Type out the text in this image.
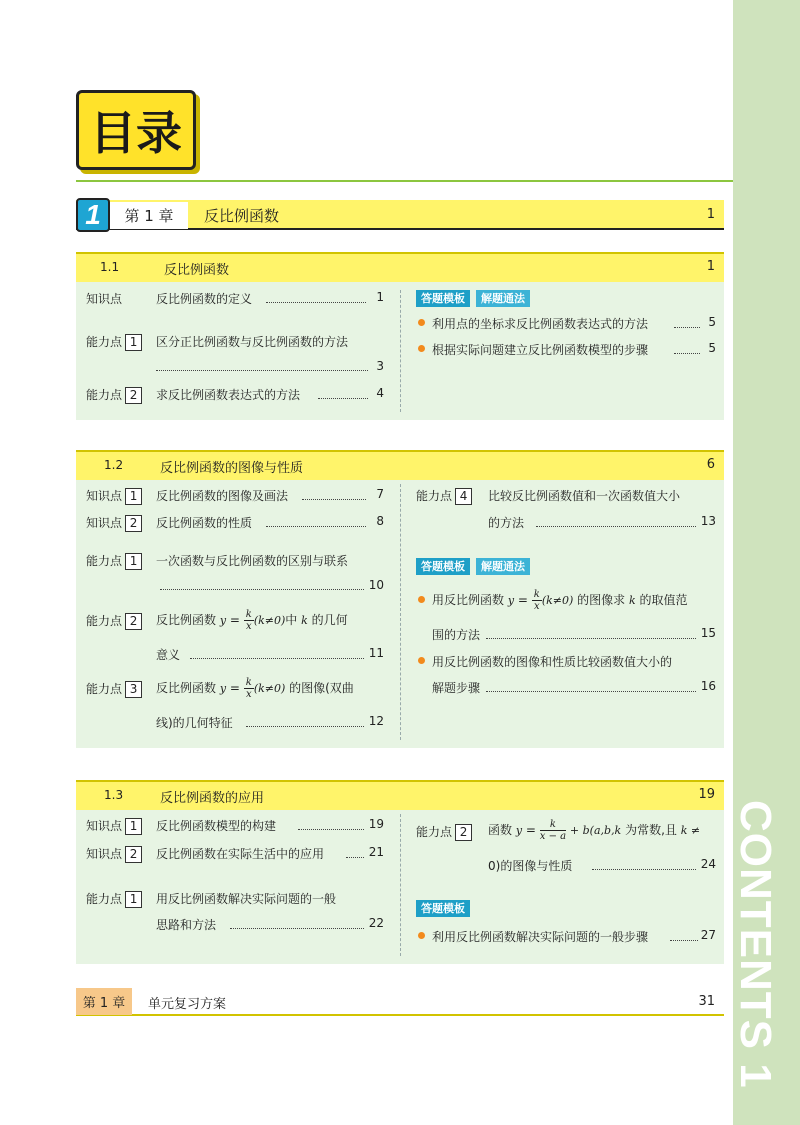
CONTENTS 1
目录
1	第 1 章	反比例函数	1
1.1	反比例函数	1
知识点	反比例函数的定义	1
能力点 1	区分正比例函数与反比例函数的方法
3
能力点 2	求反比例函数表达式的方法	4
答题模板	解题通法
利用点的坐标求反比例函数表达式的方法	5
根据实际问题建立反比例函数模型的步骤	5
1.2	反比例函数的图像与性质	6
知识点 1	反比例函数的图像及画法	7
知识点 2	反比例函数的性质	8
能力点 1	一次函数与反比例函数的区别与联系
10
能力点 2	反比例函数 $y = \frac{k}{x} (k\ne 0)$中 k 的几何
意义	11
能力点 3	反比例函数 $y = \frac{k}{x} (k\ne 0)$ 的图像(双曲
线)的几何特征	12
能力点 4	比较反比例函数值和一次函数值大小
的方法	13
答题模板	解题通法
用反比例函数 $y = \frac{k}{x} (k\ne 0)$ 的图像求 k 的取值范
围的方法	15
用反比例函数的图像和性质比较函数值大小的
解题步骤	16
1.3	反比例函数的应用	19
知识点 1	反比例函数模型的构建	19
知识点 2	反比例函数在实际生活中的应用	21
能力点 1	用反比例函数解决实际问题的一般
思路和方法	22
能力点 2	函数 $y = \frac{k}{x - a} + b(a,b,k$ 为常数,且 k ≠
0)的图像与性质	24
答题模板
利用反比例函数解决实际问题的一般步骤	27
第 1 章	单元复习方案	31
